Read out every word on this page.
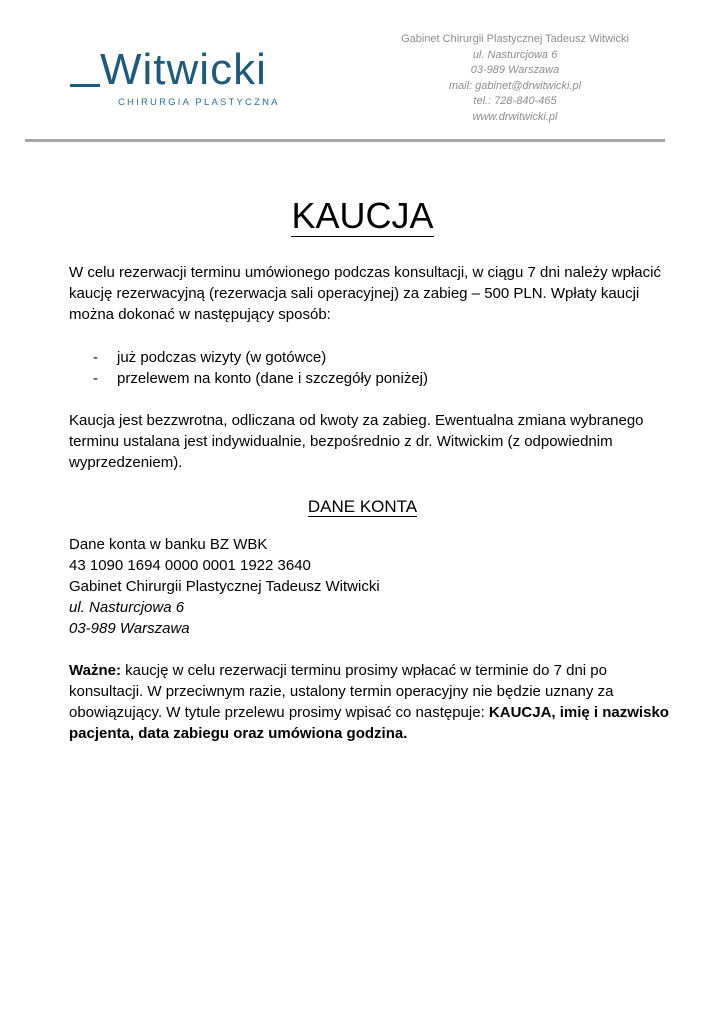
Witwicki
CHIRURGIA PLASTYCZNA
Gabinet Chirurgii Plastycznej Tadeusz Witwicki
ul. Nasturcjowa 6
03-989 Warszawa
mail: gabinet@drwitwicki.pl
tel.: 728-840-465
www.drwitwicki.pl
KAUCJA

W celu rezerwacji terminu umówionego podczas konsultacji, w ciągu 7 dni należy wpłacić kaucję rezerwacyjną (rezerwacja sali operacyjnej) za zabieg – 500 PLN. Wpłaty kaucji można dokonać w następujący sposób:

-	już podczas wizyty (w gotówce)
-	przelewem na konto (dane i szczegóły poniżej)

Kaucja jest bezzwrotna, odliczana od kwoty za zabieg. Ewentualna zmiana wybranego terminu ustalana jest indywidualnie, bezpośrednio z dr. Witwickim (z odpowiednim wyprzedzeniem).

DANE KONTA
Dane konta w banku BZ WBK
43 1090 1694 0000 0001 1922 3640
Gabinet Chirurgii Plastycznej Tadeusz Witwicki
ul. Nasturcjowa 6
03-989 Warszawa
Ważne: kaucję w celu rezerwacji terminu prosimy wpłacać w terminie do 7 dni po konsultacji. W przeciwnym razie, ustalony termin operacyjny nie będzie uznany za obowiązujący. W tytule przelewu prosimy wpisać co następuje: KAUCJA, imię i nazwisko pacjenta, data zabiegu oraz umówiona godzina.
